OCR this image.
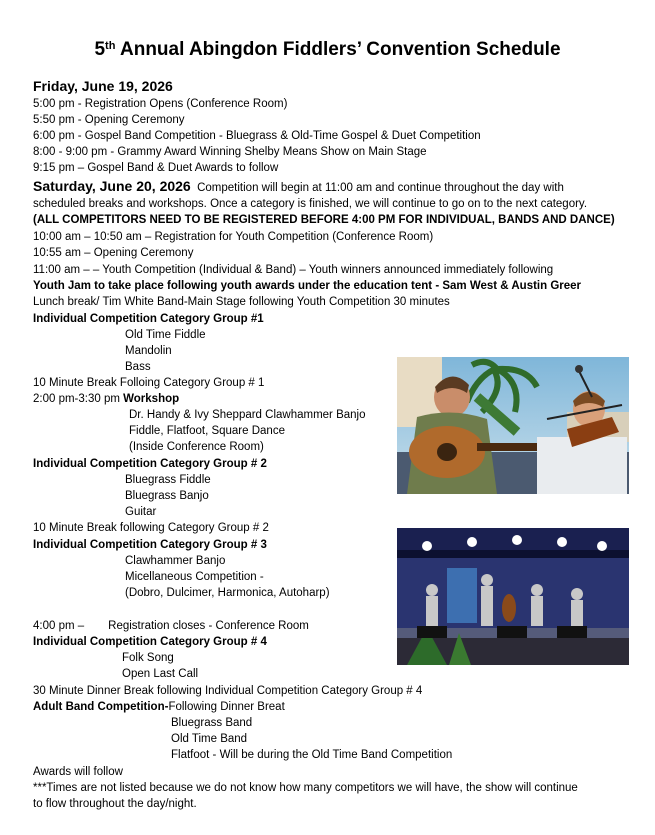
5th Annual Abingdon Fiddlers’ Convention Schedule
Friday, June 19, 2026
5:00 pm - Registration Opens (Conference Room)
5:50 pm - Opening Ceremony
6:00 pm - Gospel Band Competition - Bluegrass & Old-Time Gospel & Duet Competition
8:00 - 9:00 pm - Grammy Award Winning Shelby Means Show on Main Stage
9:15 pm – Gospel Band & Duet Awards to follow
Saturday, June 20, 2026 Competition will begin at 11:00 am and continue throughout the day with
scheduled breaks and workshops. Once a category is finished, we will continue to go on to the next category.
(ALL COMPETITORS NEED TO BE REGISTERED BEFORE 4:00 PM FOR INDIVIDUAL, BANDS AND DANCE)
10:00 am – 10:50 am – Registration for Youth Competition (Conference Room)
10:55 am – Opening Ceremony
11:00 am – – Youth Competition (Individual & Band) – Youth winners announced immediately following
Youth Jam to take place following youth awards under the education tent - Sam West & Austin Greer
Lunch break/ Tim White Band-Main Stage following Youth Competition 30 minutes
Individual Competition Category Group #1
Old Time Fiddle
Mandolin
Bass
10 Minute Break Folloing Category Group # 1
2:00 pm-3:30 pm Workshop
Dr. Handy & Ivy Sheppard Clawhammer Banjo
Fiddle, Flatfoot, Square Dance
(Inside Conference Room)
Individual Competition Category Group # 2
Bluegrass Fiddle
Bluegrass Banjo
Guitar
10 Minute Break following Category Group # 2
Individual Competition Category Group # 3
Clawhammer Banjo
Micellaneous Competition -
(Dobro, Dulcimer, Harmonica, Autoharp)
4:00 pm – Registration closes - Conference Room
Individual Competition Category Group # 4
Folk Song
Open Last Call
30 Minute Dinner Break following Individual Competition Category Group # 4
Adult Band Competition-Following Dinner Breat
Bluegrass Band
Old Time Band
Flatfoot - Will be during the Old Time Band Competition
Awards will follow
***Times are not listed because we do not know how many competitors we will have, the show will continue
to flow throughout the day/night.
